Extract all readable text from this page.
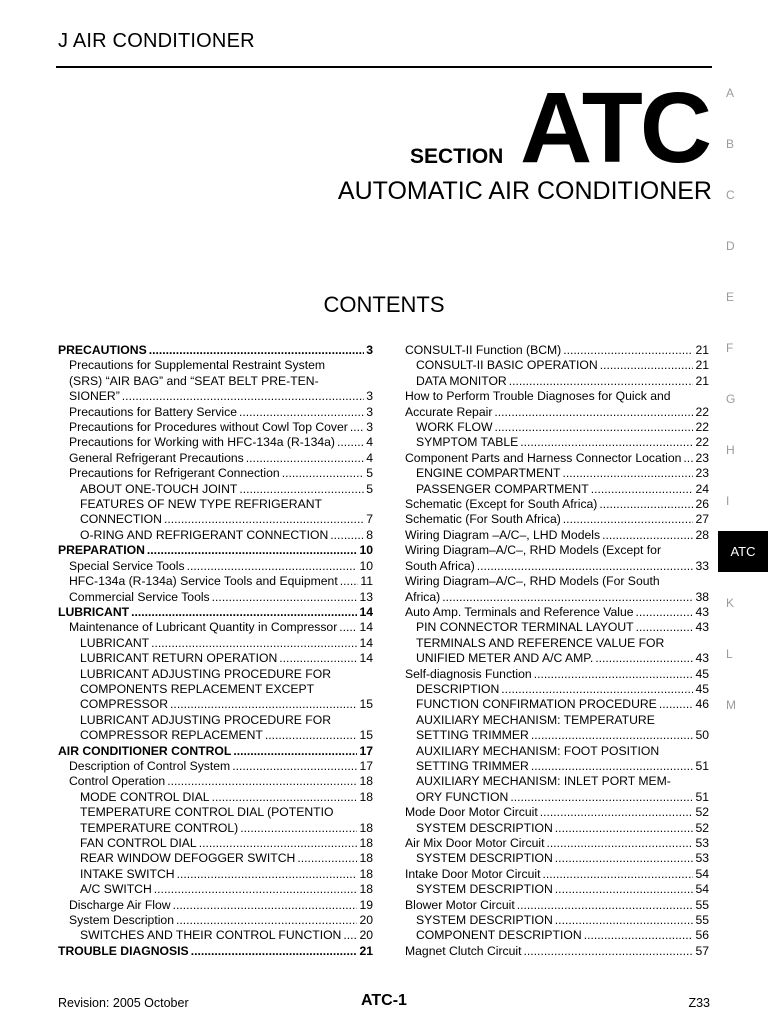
J AIR CONDITIONER
SECTION ATC
AUTOMATIC AIR CONDITIONER
CONTENTS
PRECAUTIONS .....	3
Precautions for Supplemental Restraint System
(SRS) “AIR BAG” and “SEAT BELT PRE-TEN-
SIONER” .....	3
Precautions for Battery Service .....	3
Precautions for Procedures without Cowl Top Cover ..... 3
Precautions for Working with HFC-134a (R-134a) .....	4
General Refrigerant Precautions .....	4
Precautions for Refrigerant Connection .....	5
ABOUT ONE-TOUCH JOINT .....	5
FEATURES OF NEW TYPE REFRIGERANT
CONNECTION .....	7
O-RING AND REFRIGERANT CONNECTION .....	8
PREPARATION .....	10
Special Service Tools .....	10
HFC-134a (R-134a) Service Tools and Equipment ..... 11
Commercial Service Tools .....	13
LUBRICANT .....	14
Maintenance of Lubricant Quantity in Compressor ..... 14
LUBRICANT .....	14
LUBRICANT RETURN OPERATION .....	14
LUBRICANT ADJUSTING PROCEDURE FOR
COMPONENTS REPLACEMENT EXCEPT
COMPRESSOR .....	15
LUBRICANT ADJUSTING PROCEDURE FOR
COMPRESSOR REPLACEMENT .....	15
AIR CONDITIONER CONTROL .....	17
Description of Control System .....	17
Control Operation .....	18
MODE CONTROL DIAL .....	18
TEMPERATURE CONTROL DIAL (POTENTIO
TEMPERATURE CONTROL) .....	18
FAN CONTROL DIAL .....	18
REAR WINDOW DEFOGGER SWITCH .....	18
INTAKE SWITCH .....	18
A/C SWITCH .....	18
Discharge Air Flow .....	19
System Description .....	20
SWITCHES AND THEIR CONTROL FUNCTION ..... 20
TROUBLE DIAGNOSIS .....	21
CONSULT-II Function (BCM) .....	21
CONSULT-II BASIC OPERATION .....	21
DATA MONITOR .....	21
How to Perform Trouble Diagnoses for Quick and
Accurate Repair .....	22
WORK FLOW .....	22
SYMPTOM TABLE .....	22
Component Parts and Harness Connector Location ..... 23
ENGINE COMPARTMENT .....	23
PASSENGER COMPARTMENT .....	24
Schematic (Except for South Africa) .....	26
Schematic (For South Africa) .....	27
Wiring Diagram –A/C–, LHD Models .....	28
Wiring Diagram–A/C–, RHD Models (Except for
South Africa) .....	33
Wiring Diagram–A/C–, RHD Models (For South
Africa) .....	38
Auto Amp. Terminals and Reference Value .....	43
PIN CONNECTOR TERMINAL LAYOUT .....	43
TERMINALS AND REFERENCE VALUE FOR
UNIFIED METER AND A/C AMP. .....	43
Self-diagnosis Function .....	45
DESCRIPTION .....	45
FUNCTION CONFIRMATION PROCEDURE .....	46
AUXILIARY MECHANISM: TEMPERATURE
SETTING TRIMMER .....	50
AUXILIARY MECHANISM: FOOT POSITION
SETTING TRIMMER .....	51
AUXILIARY MECHANISM: INLET PORT MEM-
ORY FUNCTION .....	51
Mode Door Motor Circuit .....	52
SYSTEM DESCRIPTION .....	52
Air Mix Door Motor Circuit .....	53
SYSTEM DESCRIPTION .....	53
Intake Door Motor Circuit .....	54
SYSTEM DESCRIPTION .....	54
Blower Motor Circuit .....	55
SYSTEM DESCRIPTION .....	55
COMPONENT DESCRIPTION .....	56
Magnet Clutch Circuit .....	57
A
B
C
D
E
F
G
H
I
K
L
M
ATC
Revision: 2005 October	ATC-1	Z33
